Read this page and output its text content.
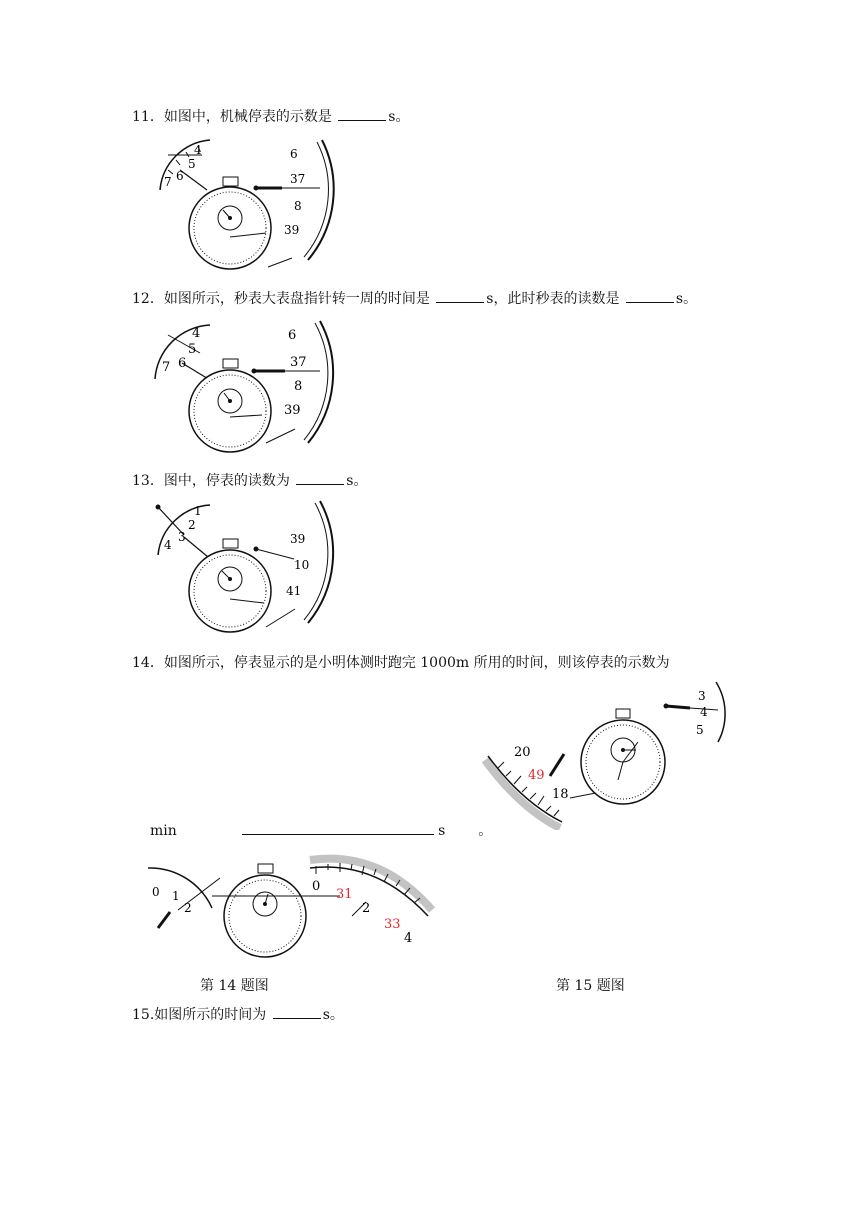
11．如图中，机械停表的示数是	s。
4
5
6
7
6
37
8
39
12．如图所示，秒表大表盘指针转一周的时间是	s，此时秒表的读数是	s。
4
5
6
7
6
37
8
39
13．图中，停表的读数为	s。
1
2
3
4	39
10
41
14．如图所示，停表显示的是小明体测时跑完 1000m 所用的时间，则该停表的示数为
min	s 。
20
49
18
3
4
5
0 1
2
0
31
2
33
4
第 14 题图	第 15 题图
15.如图所示的时间为	s。
